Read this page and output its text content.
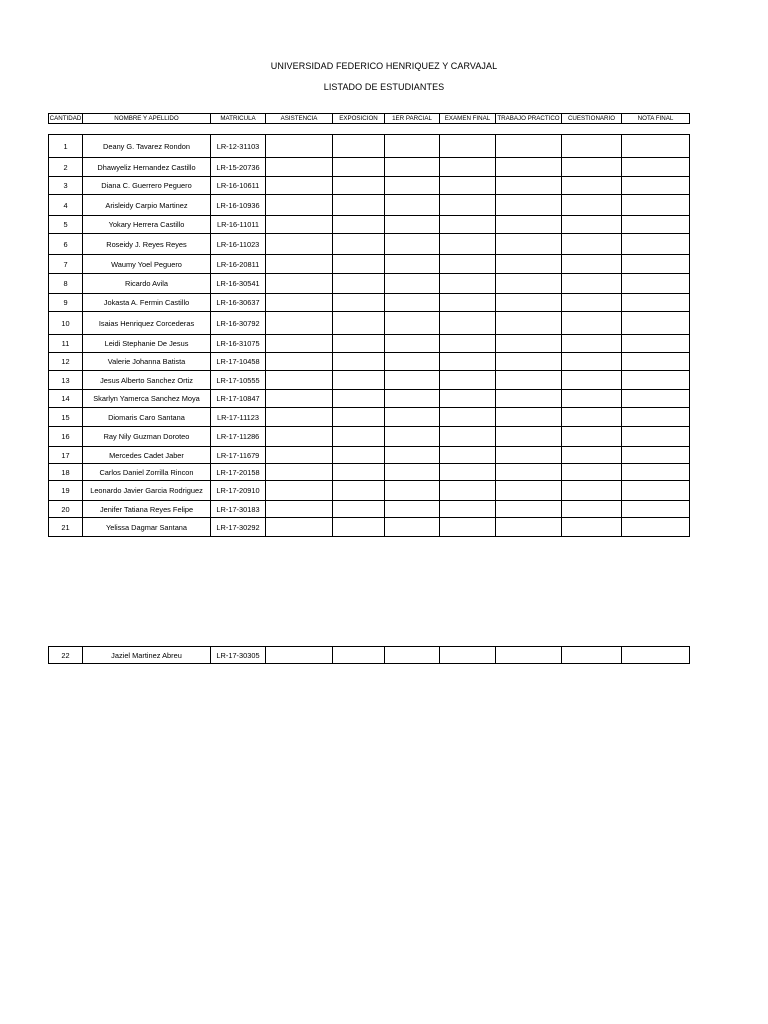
UNIVERSIDAD FEDERICO HENRIQUEZ Y CARVAJAL
LISTADO DE ESTUDIANTES
CANTIDAD	NOMBRE Y APELLIDO	MATRICULA	ASISTENCIA	EXPOSICION	1ER PARCIAL	EXAMEN FINAL	TRABAJO PRACTICO	CUESTIONARIO	NOTA FINAL
1	Deany G. Tavarez Rondon	LR-12-31103							
2	Dhawyeliz Hernandez Castillo	LR-15-20736							
3	Diana C. Guerrero Peguero	LR-16-10611							
4	Arisleidy Carpio Martinez	LR-16-10936							
5	Yokary Herrera Castillo	LR-16-11011							
6	Roseidy J. Reyes Reyes	LR-16-11023							
7	Waumy Yoel Peguero	LR-16-20811							
8	Ricardo Avila	LR-16-30541							
9	Jokasta A. Fermin Castillo	LR-16-30637							
10	Isaias Henriquez Corcederas	LR-16-30792							
11	Leidi Stephanie De Jesus	LR-16-31075							
12	Valerie Johanna Batista	LR-17-10458							
13	Jesus Alberto Sanchez Ortiz	LR-17-10555							
14	Skarlyn Yamerca Sanchez Moya	LR-17-10847							
15	Diomaris Caro Santana	LR-17-11123							
16	Ray Nily Guzman Doroteo	LR-17-11286							
17	Mercedes Cadet Jaber	LR-17-11679							
18	Carlos Daniel Zorrilla Rincon	LR-17-20158							
19	Leonardo Javier Garcia Rodriguez	LR-17-20910							
20	Jenifer Tatiana Reyes Felipe	LR-17-30183							
21	Yelissa Dagmar Santana	LR-17-30292							
22	Jaziel Martinez Abreu	LR-17-30305							
